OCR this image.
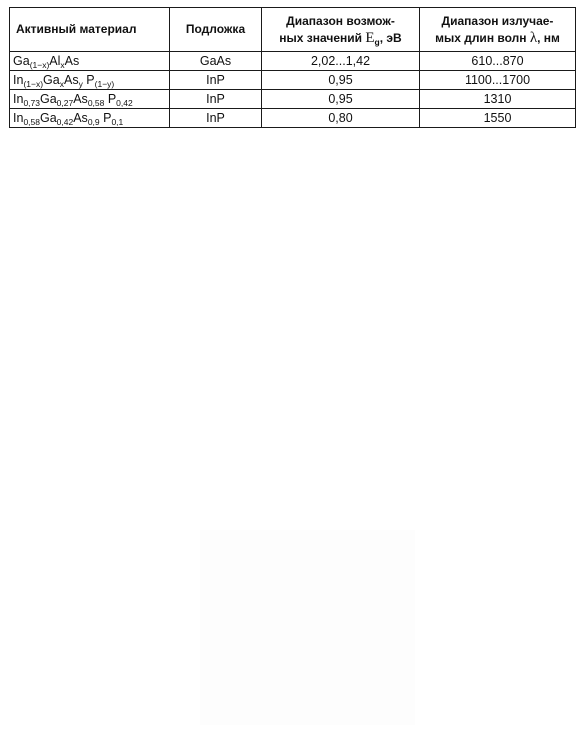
Активный материал	Подложка	Диапазон возмож-
ных значений $E_g$, эВ	Диапазон излучае-
мых длин волн λ, нм
$Ga_{(1-x)}Al_xAs$	GaAs	2,02...1,42	610...870
$In_{(1-x)}Ga_xAs_y$ $P_{(1-y)}$	InP	0,95	1100...1700
$In_{0,73}Ga_{0,27}As_{0,58}$ $P_{0,42}$	InP	0,95	1310
$In_{0,58}Ga_{0,42}As_{0,9}$ $P_{0,1}$	InP	0,80	1550
